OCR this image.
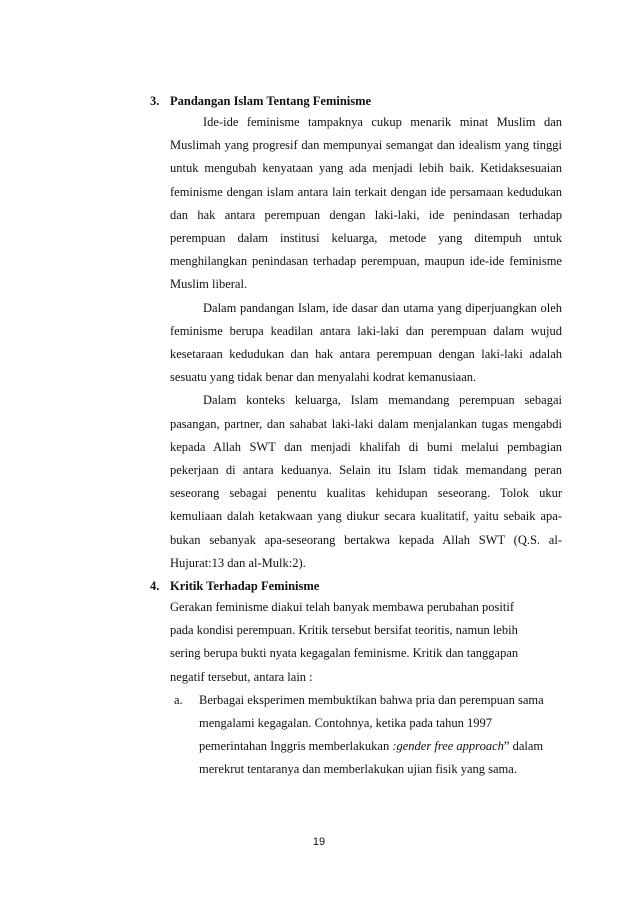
3. Pandangan Islam Tentang Feminisme

Ide-ide feminisme tampaknya cukup menarik minat Muslim dan Muslimah yang progresif dan mempunyai semangat dan idealism yang tinggi untuk mengubah kenyataan yang ada menjadi lebih baik. Ketidaksesuaian feminisme dengan islam antara lain terkait dengan ide persamaan kedudukan dan hak antara perempuan dengan laki-laki, ide penindasan terhadap perempuan dalam institusi keluarga, metode yang ditempuh untuk menghilangkan penindasan terhadap perempuan, maupun ide-ide feminisme Muslim liberal.

Dalam pandangan Islam, ide dasar dan utama yang diperjuangkan oleh feminisme berupa keadilan antara laki-laki dan perempuan dalam wujud kesetaraan kedudukan dan hak antara perempuan dengan laki-laki adalah sesuatu yang tidak benar dan menyalahi kodrat kemanusiaan.

Dalam konteks keluarga, Islam memandang perempuan sebagai pasangan, partner, dan sahabat laki-laki dalam menjalankan tugas mengabdi kepada Allah SWT dan menjadi khalifah di bumi melalui pembagian pekerjaan di antara keduanya. Selain itu Islam tidak memandang peran seseorang sebagai penentu kualitas kehidupan seseorang. Tolok ukur kemuliaan dalah ketakwaan yang diukur secara kualitatif, yaitu sebaik apa-bukan sebanyak apa-seseorang bertakwa kepada Allah SWT (Q.S. al-Hujurat:13 dan al-Mulk:2).

4. Kritik Terhadap Feminisme

Gerakan feminisme diakui telah banyak membawa perubahan positif pada kondisi perempuan. Kritik tersebut bersifat teoritis, namun lebih sering berupa bukti nyata kegagalan feminisme. Kritik dan tanggapan negatif tersebut, antara lain :

a. Berbagai eksperimen membuktikan bahwa pria dan perempuan sama mengalami kegagalan. Contohnya, ketika pada tahun 1997 pemerintahan Inggris memberlakukan :gender free approach” dalam merekrut tentaranya dan memberlakukan ujian fisik yang sama.
19
